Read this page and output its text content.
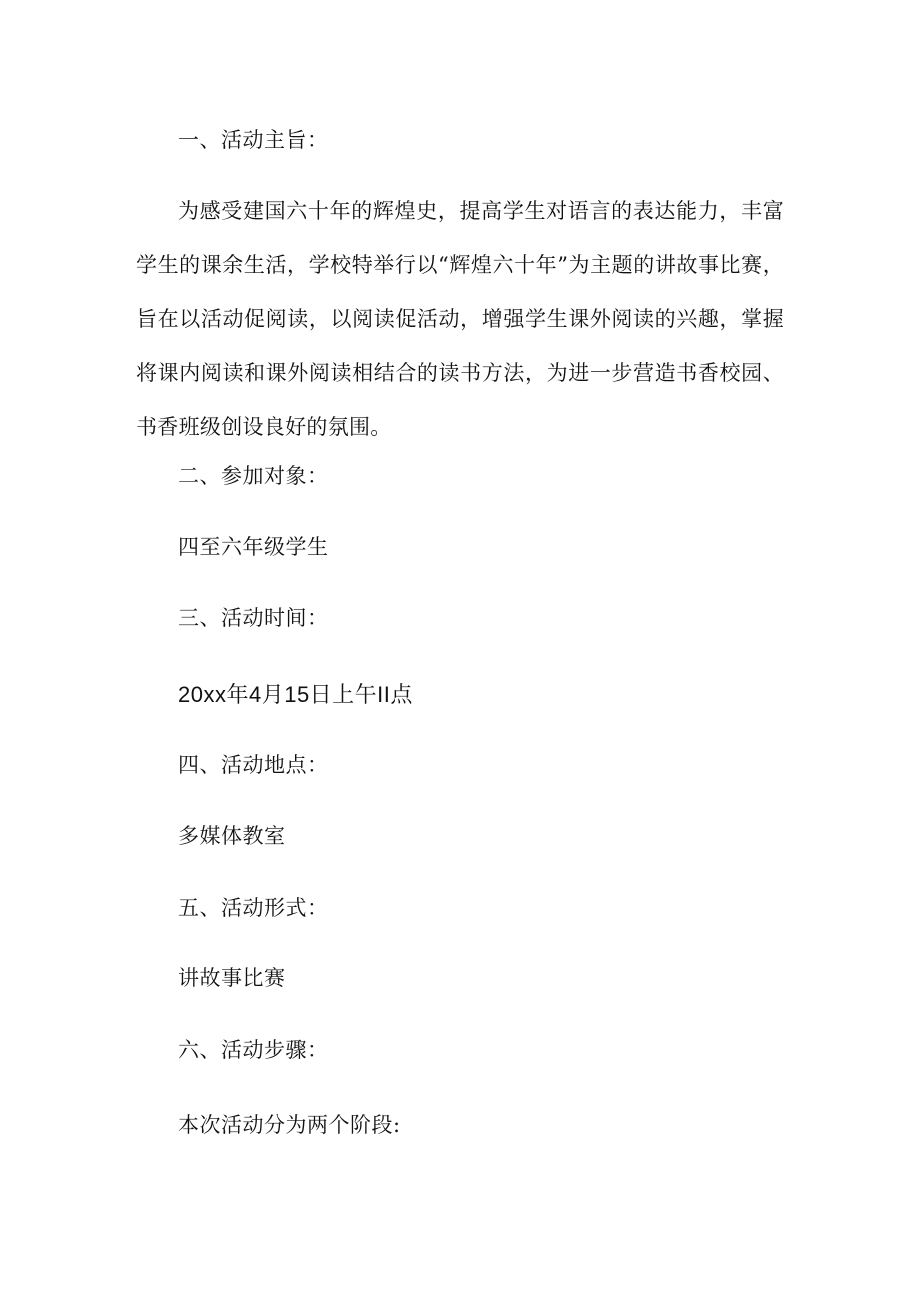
一、活动主旨：
为感受建国六十年的辉煌史，提高学生对语言的表达能力，丰富学生的课余生活，学校特举行以“辉煌六十年”为主题的讲故事比赛，旨在以活动促阅读，以阅读促活动，增强学生课外阅读的兴趣，掌握将课内阅读和课外阅读相结合的读书方法，为进一步营造书香校园、书香班级创设良好的氛围。
二、参加对象：
四至六年级学生
三、活动时间：
20xx年4月15日上午II点
四、活动地点：
多媒体教室
五、活动形式：
讲故事比赛
六、活动步骤：
本次活动分为两个阶段:
